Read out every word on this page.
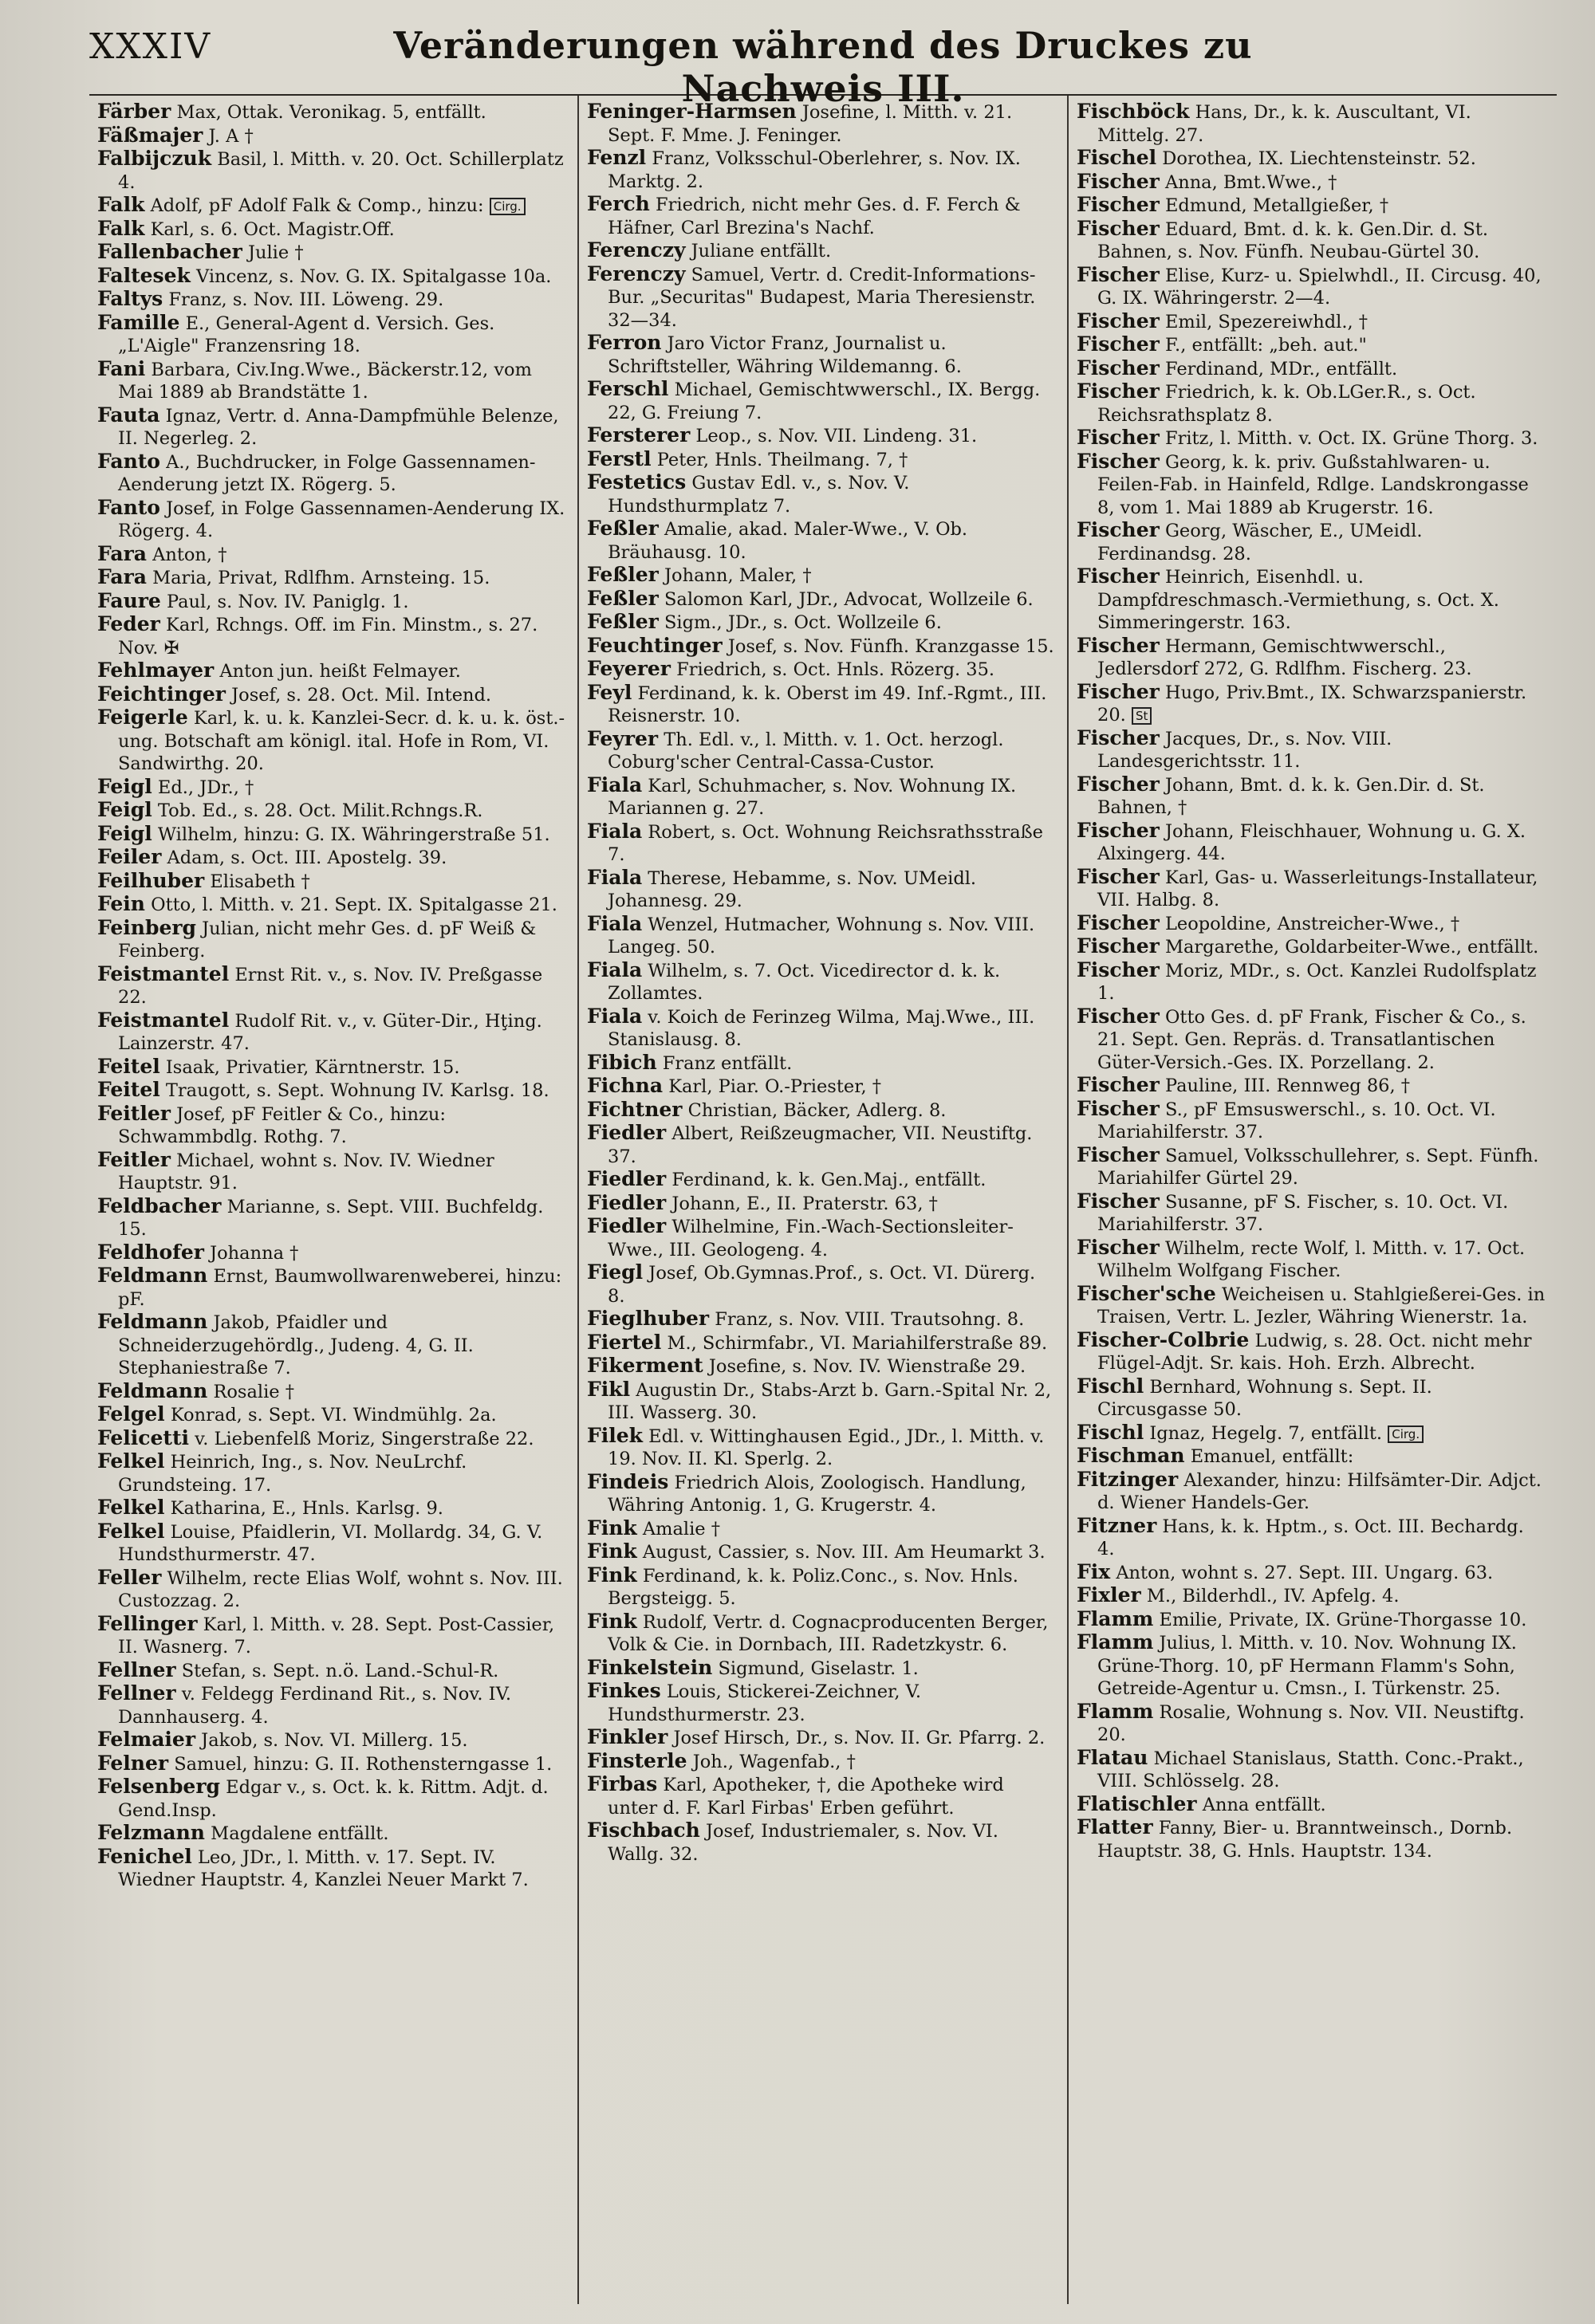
XXXIV	Veränderungen während des Druckes zu Nachweis III.

Färber Max, Ottak. Veronikag. 5, entfällt.

Fäßmajer J. A †

Falbijczuk Basil, l. Mitth. v. 20. Oct. Schillerplatz 4.

Falk Adolf, pF Adolf Falk & Comp., hinzu: Cirg.

Falk Karl, s. 6. Oct. Magistr.Off.

Fallenbacher Julie †

Faltesek Vincenz, s. Nov. G. IX. Spitalgasse 10a.

Faltys Franz, s. Nov. III. Löweng. 29.

Famille E., General-Agent d. Versich. Ges. „L'Aigle" Franzensring 18.

Fani Barbara, Civ.Ing.Wwe., Bäckerstr.12, vom Mai 1889 ab Brandstätte 1.

Fauta Ignaz, Vertr. d. Anna-Dampfmühle Belenze, II. Negerleg. 2.

Fanto A., Buchdrucker, in Folge Gassennamen-Aenderung jetzt IX. Rögerg. 5.

Fanto Josef, in Folge Gassennamen-Aenderung IX. Rögerg. 4.

Fara Anton, †

Fara Maria, Privat, Rdlfhm. Arnsteing. 15.

Faure Paul, s. Nov. IV. Paniglg. 1.

Feder Karl, Rchngs. Off. im Fin. Minstm., s. 27. Nov. ✠

Fehlmayer Anton jun. heißt Felmayer.

Feichtinger Josef, s. 28. Oct. Mil. Intend.

Feigerle Karl, k. u. k. Kanzlei-Secr. d. k. u. k. öst.-ung. Botschaft am königl. ital. Hofe in Rom, VI. Sandwirthg. 20.

Feigl Ed., JDr., †

Feigl Tob. Ed., s. 28. Oct. Milit.Rchngs.R.

Feigl Wilhelm, hinzu: G. IX. Währingerstraße 51.

Feiler Adam, s. Oct. III. Apostelg. 39.

Feilhuber Elisabeth †

Fein Otto, l. Mitth. v. 21. Sept. IX. Spitalgasse 21.

Feinberg Julian, nicht mehr Ges. d. pF Weiß & Feinberg.

Feistmantel Ernst Rit. v., s. Nov. IV. Preßgasse 22.

Feistmantel Rudolf Rit. v., v. Güter-Dir., Hţing. Lainzerstr. 47.

Feitel Isaak, Privatier, Kärntnerstr. 15.

Feitel Traugott, s. Sept. Wohnung IV. Karlsg. 18.

Feitler Josef, pF Feitler & Co., hinzu: Schwammbdlg. Rothg. 7.

Feitler Michael, wohnt s. Nov. IV. Wiedner Hauptstr. 91.

Feldbacher Marianne, s. Sept. VIII. Buchfeldg. 15.

Feldhofer Johanna †

Feldmann Ernst, Baumwollwarenweberei, hinzu: pF.

Feldmann Jakob, Pfaidler und Schneiderzugehördlg., Judeng. 4, G. II. Stephaniestraße 7.

Feldmann Rosalie †

Felgel Konrad, s. Sept. VI. Windmühlg. 2a.

Felicetti v. Liebenfelß Moriz, Singerstraße 22.

Felkel Heinrich, Ing., s. Nov. NeuLrchf. Grundsteing. 17.

Felkel Katharina, E., Hnls. Karlsg. 9.

Felkel Louise, Pfaidlerin, VI. Mollardg. 34, G. V. Hundsthurmerstr. 47.

Feller Wilhelm, recte Elias Wolf, wohnt s. Nov. III. Custozzag. 2.

Fellinger Karl, l. Mitth. v. 28. Sept. Post-Cassier, II. Wasnerg. 7.

Fellner Stefan, s. Sept. n.ö. Land.-Schul-R.

Fellner v. Feldegg Ferdinand Rit., s. Nov. IV. Dannhauserg. 4.

Felmaier Jakob, s. Nov. VI. Millerg. 15.

Felner Samuel, hinzu: G. II. Rothensterngasse 1.

Felsenberg Edgar v., s. Oct. k. k. Rittm. Adjt. d. Gend.Insp.

Felzmann Magdalene entfällt.

Fenichel Leo, JDr., l. Mitth. v. 17. Sept. IV. Wiedner Hauptstr. 4, Kanzlei Neuer Markt 7.

Feninger-Harmsen Josefine, l. Mitth. v. 21. Sept. F. Mme. J. Feninger.

Fenzl Franz, Volksschul-Oberlehrer, s. Nov. IX. Marktg. 2.

Ferch Friedrich, nicht mehr Ges. d. F. Ferch & Häfner, Carl Brezina's Nachf.

Ferenczy Juliane entfällt.

Ferenczy Samuel, Vertr. d. Credit-Informations-Bur. „Securitas" Budapest, Maria Theresienstr. 32—34.

Ferron Jaro Victor Franz, Journalist u. Schriftsteller, Währing Wildemanng. 6.

Ferschl Michael, Gemischtwwerschl., IX. Bergg. 22, G. Freiung 7.

Fersterer Leop., s. Nov. VII. Lindeng. 31.

Ferstl Peter, Hnls. Theilmang. 7, †

Festetics Gustav Edl. v., s. Nov. V. Hundsthurmplatz 7.

Feßler Amalie, akad. Maler-Wwe., V. Ob. Bräuhausg. 10.

Feßler Johann, Maler, †

Feßler Salomon Karl, JDr., Advocat, Wollzeile 6.

Feßler Sigm., JDr., s. Oct. Wollzeile 6.

Feuchtinger Josef, s. Nov. Fünfh. Kranzgasse 15.

Feyerer Friedrich, s. Oct. Hnls. Rözerg. 35.

Feyl Ferdinand, k. k. Oberst im 49. Inf.-Rgmt., III. Reisnerstr. 10.

Feyrer Th. Edl. v., l. Mitth. v. 1. Oct. herzogl. Coburg'scher Central-Cassa-Custor.

Fiala Karl, Schuhmacher, s. Nov. Wohnung IX. Mariannen g. 27.

Fiala Robert, s. Oct. Wohnung Reichsrathsstraße 7.

Fiala Therese, Hebamme, s. Nov. UMeidl. Johannesg. 29.

Fiala Wenzel, Hutmacher, Wohnung s. Nov. VIII. Langeg. 50.

Fiala Wilhelm, s. 7. Oct. Vicedirector d. k. k. Zollamtes.

Fiala v. Koich de Ferinzeg Wilma, Maj.Wwe., III. Stanislausg. 8.

Fibich Franz entfällt.

Fichna Karl, Piar. O.-Priester, †

Fichtner Christian, Bäcker, Adlerg. 8.

Fiedler Albert, Reißzeugmacher, VII. Neustiftg. 37.

Fiedler Ferdinand, k. k. Gen.Maj., entfällt.

Fiedler Johann, E., II. Praterstr. 63, †

Fiedler Wilhelmine, Fin.-Wach-Sectionsleiter-Wwe., III. Geologeng. 4.

Fiegl Josef, Ob.Gymnas.Prof., s. Oct. VI. Dürerg. 8.

Fieglhuber Franz, s. Nov. VIII. Trautsohng. 8.

Fiertel M., Schirmfabr., VI. Mariahilferstraße 89.

Fikerment Josefine, s. Nov. IV. Wienstraße 29.

Fikl Augustin Dr., Stabs-Arzt b. Garn.-Spital Nr. 2, III. Wasserg. 30.

Filek Edl. v. Wittinghausen Egid., JDr., l. Mitth. v. 19. Nov. II. Kl. Sperlg. 2.

Findeis Friedrich Alois, Zoologisch. Handlung, Währing Antonig. 1, G. Krugerstr. 4.

Fink Amalie †

Fink August, Cassier, s. Nov. III. Am Heumarkt 3.

Fink Ferdinand, k. k. Poliz.Conc., s. Nov. Hnls. Bergsteigg. 5.

Fink Rudolf, Vertr. d. Cognacproducenten Berger, Volk & Cie. in Dornbach, III. Radetzkystr. 6.

Finkelstein Sigmund, Giselastr. 1.

Finkes Louis, Stickerei-Zeichner, V. Hundsthurmerstr. 23.

Finkler Josef Hirsch, Dr., s. Nov. II. Gr. Pfarrg. 2.

Finsterle Joh., Wagenfab., †

Firbas Karl, Apotheker, †, die Apotheke wird unter d. F. Karl Firbas' Erben geführt.

Fischbach Josef, Industriemaler, s. Nov. VI. Wallg. 32.

Fischböck Hans, Dr., k. k. Auscultant, VI. Mittelg. 27.

Fischel Dorothea, IX. Liechtensteinstr. 52.

Fischer Anna, Bmt.Wwe., †

Fischer Edmund, Metallgießer, †

Fischer Eduard, Bmt. d. k. k. Gen.Dir. d. St. Bahnen, s. Nov. Fünfh. Neubau-Gürtel 30.

Fischer Elise, Kurz- u. Spielwhdl., II. Circusg. 40, G. IX. Währingerstr. 2—4.

Fischer Emil, Spezereiwhdl., †

Fischer F., entfällt: „beh. aut."

Fischer Ferdinand, MDr., entfällt.

Fischer Friedrich, k. k. Ob.LGer.R., s. Oct. Reichsrathsplatz 8.

Fischer Fritz, l. Mitth. v. Oct. IX. Grüne Thorg. 3.

Fischer Georg, k. k. priv. Gußstahlwaren- u. Feilen-Fab. in Hainfeld, Rdlge. Landskrongasse 8, vom 1. Mai 1889 ab Krugerstr. 16.

Fischer Georg, Wäscher, E., UMeidl. Ferdinandsg. 28.

Fischer Heinrich, Eisenhdl. u. Dampfdreschmasch.-Vermiethung, s. Oct. X. Simmeringerstr. 163.

Fischer Hermann, Gemischtwwerschl., Jedlersdorf 272, G. Rdlfhm. Fischerg. 23.

Fischer Hugo, Priv.Bmt., IX. Schwarzspanierstr. 20. St

Fischer Jacques, Dr., s. Nov. VIII. Landesgerichtsstr. 11.

Fischer Johann, Bmt. d. k. k. Gen.Dir. d. St. Bahnen, †

Fischer Johann, Fleischhauer, Wohnung u. G. X. Alxingerg. 44.

Fischer Karl, Gas- u. Wasserleitungs-Installateur, VII. Halbg. 8.

Fischer Leopoldine, Anstreicher-Wwe., †

Fischer Margarethe, Goldarbeiter-Wwe., entfällt.

Fischer Moriz, MDr., s. Oct. Kanzlei Rudolfsplatz 1.

Fischer Otto Ges. d. pF Frank, Fischer & Co., s. 21. Sept. Gen. Repräs. d. Transatlantischen Güter-Versich.-Ges. IX. Porzellang. 2.

Fischer Pauline, III. Rennweg 86, †

Fischer S., pF Emsuswerschl., s. 10. Oct. VI. Mariahilferstr. 37.

Fischer Samuel, Volksschullehrer, s. Sept. Fünfh. Mariahilfer Gürtel 29.

Fischer Susanne, pF S. Fischer, s. 10. Oct. VI. Mariahilferstr. 37.

Fischer Wilhelm, recte Wolf, l. Mitth. v. 17. Oct. Wilhelm Wolfgang Fischer.

Fischer'sche Weicheisen u. Stahlgießerei-Ges. in Traisen, Vertr. L. Jezler, Währing Wienerstr. 1a.

Fischer-Colbrie Ludwig, s. 28. Oct. nicht mehr Flügel-Adjt. Sr. kais. Hoh. Erzh. Albrecht.

Fischl Bernhard, Wohnung s. Sept. II. Circusgasse 50.

Fischl Ignaz, Hegelg. 7, entfällt. Cirg.

Fischman Emanuel, entfällt:

Fitzinger Alexander, hinzu: Hilfsämter-Dir. Adjct. d. Wiener Handels-Ger.

Fitzner Hans, k. k. Hptm., s. Oct. III. Bechardg. 4.

Fix Anton, wohnt s. 27. Sept. III. Ungarg. 63.

Fixler M., Bilderhdl., IV. Apfelg. 4.

Flamm Emilie, Private, IX. Grüne-Thorgasse 10.

Flamm Julius, l. Mitth. v. 10. Nov. Wohnung IX. Grüne-Thorg. 10, pF Hermann Flamm's Sohn, Getreide-Agentur u. Cmsn., I. Türkenstr. 25.

Flamm Rosalie, Wohnung s. Nov. VII. Neustiftg. 20.

Flatau Michael Stanislaus, Statth. Conc.-Prakt., VIII. Schlösselg. 28.

Flatischler Anna entfällt.

Flatter Fanny, Bier- u. Branntweinsch., Dornb. Hauptstr. 38, G. Hnls. Hauptstr. 134.
